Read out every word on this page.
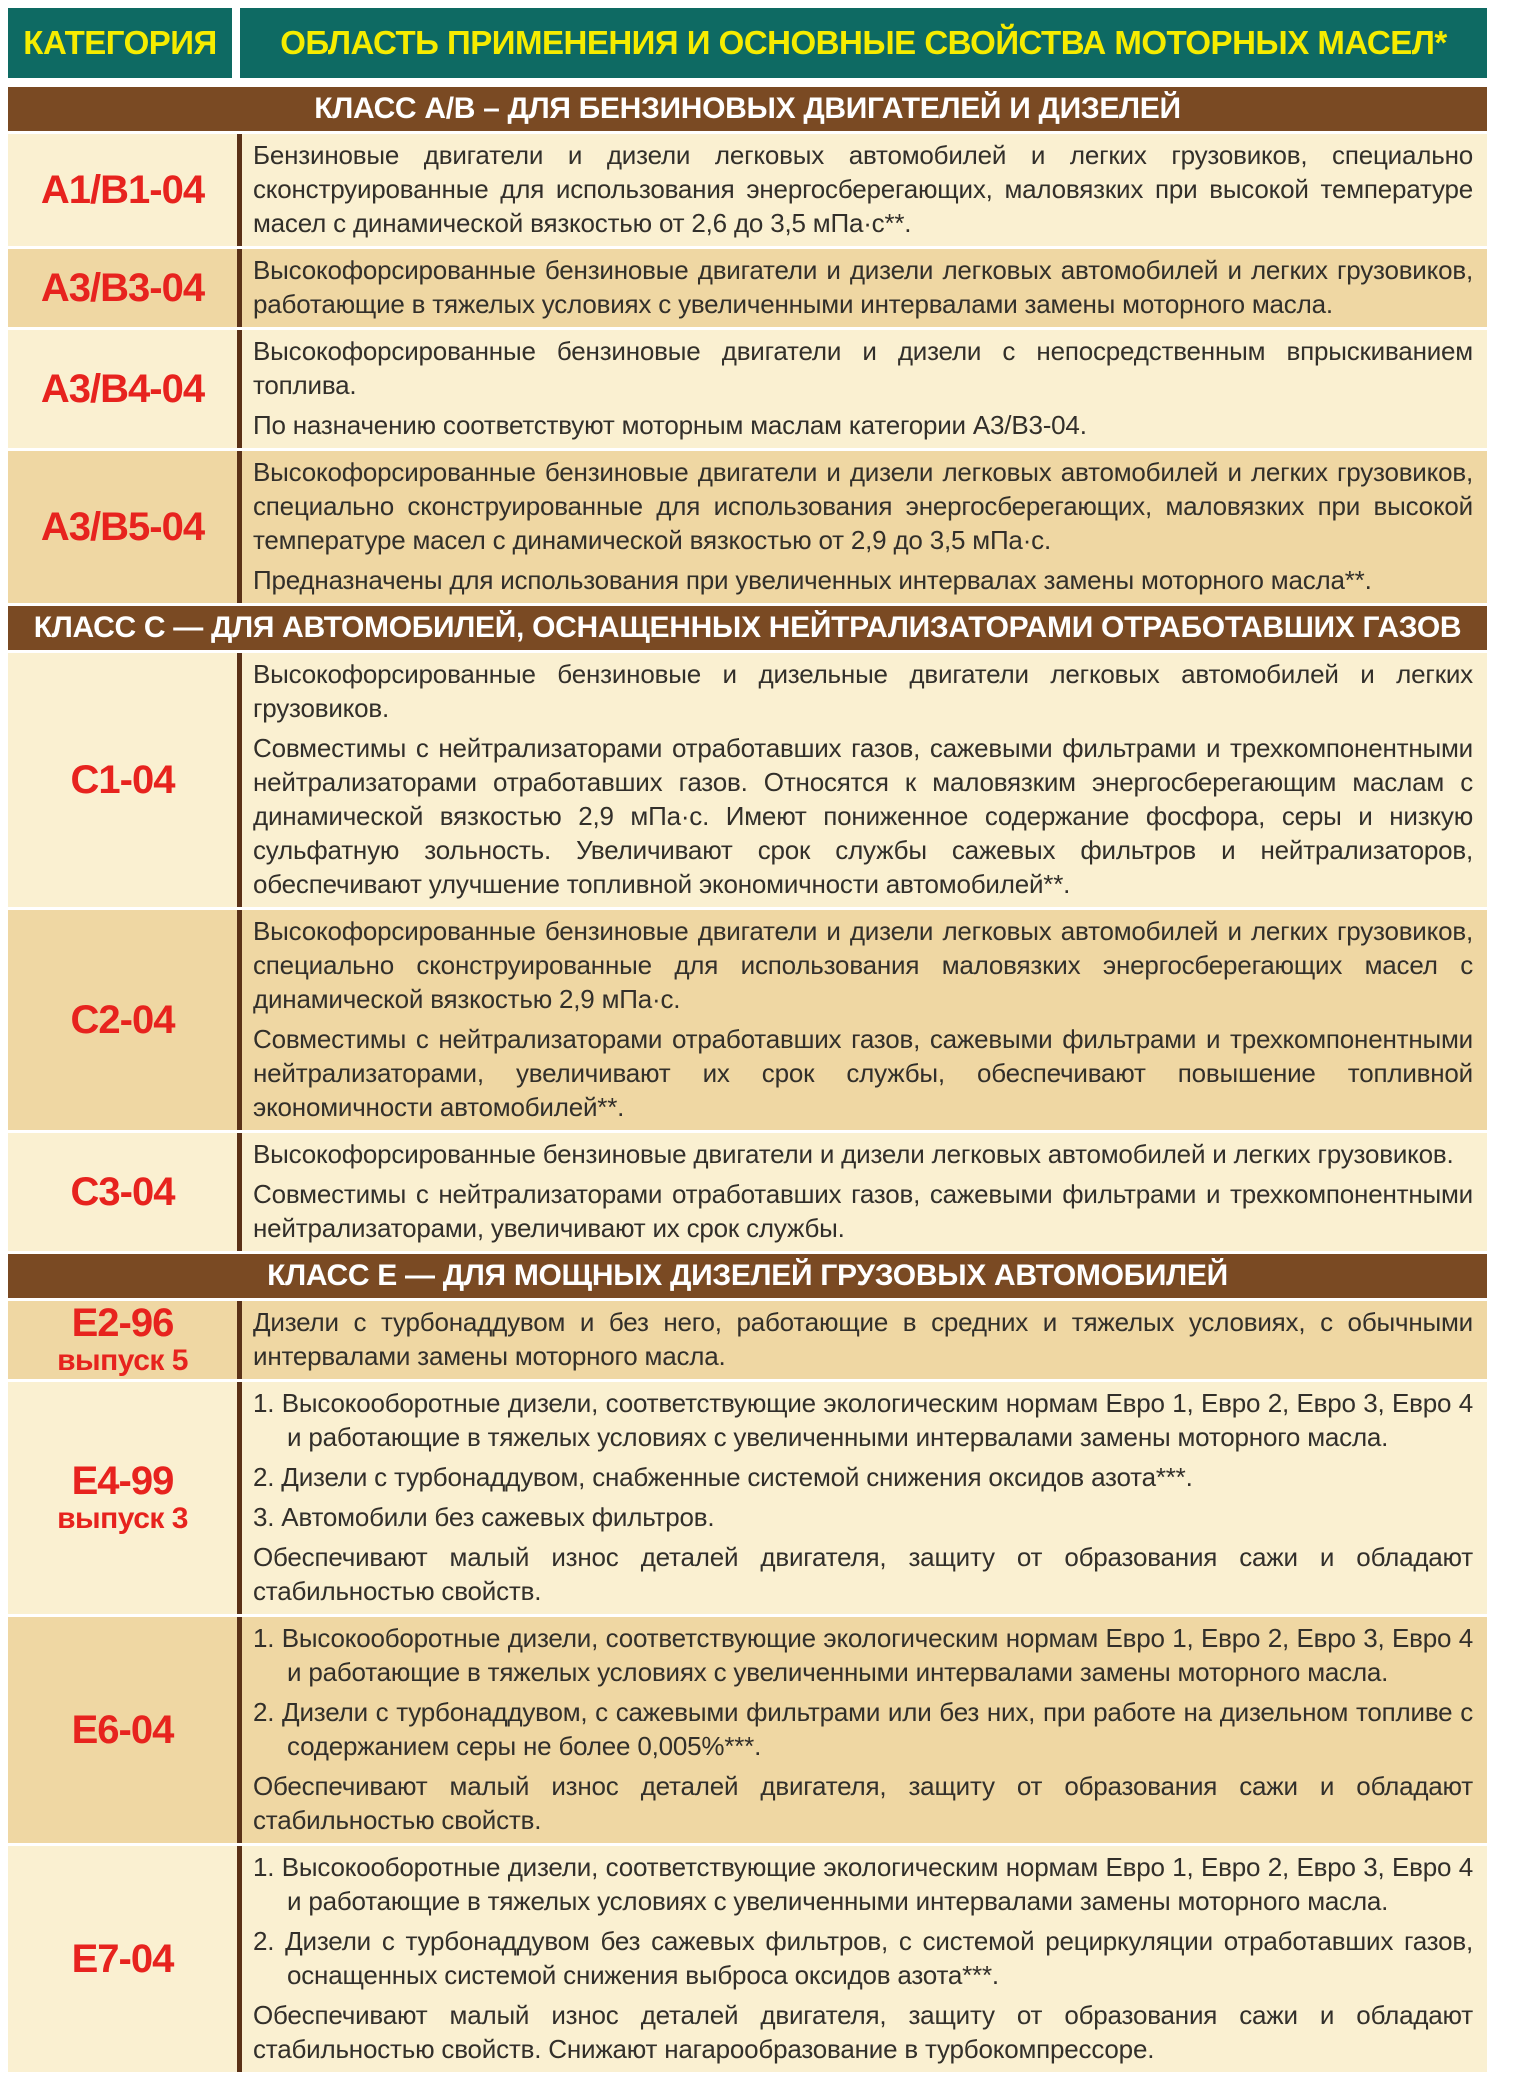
КАТЕГОРИЯ	ОБЛАСТЬ ПРИМЕНЕНИЯ И ОСНОВНЫЕ СВОЙСТВА МОТОРНЫХ МАСЕЛ*
КЛАСС А/В – ДЛЯ БЕНЗИНОВЫХ ДВИГАТЕЛЕЙ И ДИЗЕЛЕЙ
А1/В1-04

Бензиновые двигатели и дизели легковых автомобилей и легких грузовиков, специально сконструированные для использования энергосберегающих, маловязких при высокой температуре масел с динамической вязкостью от 2,6 до 3,5 мПа·с**.

А3/В3-04 Высокофорсированные бензиновые двигатели и дизели легковых автомобилей и легких грузовиков, работающие в тяжелых условиях с увеличенными интервалами замены моторного масла.

А3/В4-04

Высокофорсированные бензиновые двигатели и дизели с непосредственным впрыскиванием топлива.

По назначению соответствуют моторным маслам категории А3/В3-04.

А3/В5-04

Высокофорсированные бензиновые двигатели и дизели легковых автомобилей и легких грузовиков, специально сконструированные для использования энергосберегающих, маловязких при высокой температуре масел с динамической вязкостью от 2,9 до 3,5 мПа·с.

Предназначены для использования при увеличенных интервалах замены моторного масла**.

КЛАСС С — ДЛЯ АВТОМОБИЛЕЙ, ОСНАЩЕННЫХ НЕЙТРАЛИЗАТОРАМИ ОТРАБОТАВШИХ ГАЗОВ
С1-04

Высокофорсированные бензиновые и дизельные двигатели легковых автомобилей и легких грузовиков.

Совместимы с нейтрализаторами отработавших газов, сажевыми фильтрами и трехкомпонентными нейтрализаторами отработавших газов. Относятся к маловязким энергосберегающим маслам с динамической вязкостью 2,9 мПа·с. Имеют пониженное содержание фосфора, серы и низкую сульфатную зольность. Увеличивают срок службы сажевых фильтров и нейтрализаторов, обеспечивают улучшение топливной экономичности автомобилей**.

С2-04

Высокофорсированные бензиновые двигатели и дизели легковых автомобилей и легких грузовиков, специально сконструированные для использования маловязких энергосберегающих масел с динамической вязкостью 2,9 мПа·с.

Совместимы с нейтрализаторами отработавших газов, сажевыми фильтрами и трехкомпонентными нейтрализаторами, увеличивают их срок службы, обеспечивают повышение топливной экономичности автомобилей**.

С3-04

Высокофорсированные бензиновые двигатели и дизели легковых автомобилей и легких грузовиков.

Совместимы с нейтрализаторами отработавших газов, сажевыми фильтрами и трехкомпонентными нейтрализаторами, увеличивают их срок службы.

КЛАСС Е — ДЛЯ МОЩНЫХ ДИЗЕЛЕЙ ГРУЗОВЫХ АВТОМОБИЛЕЙ
Е2-96
выпуск 5

Дизели с турбонаддувом и без него, работающие в средних и тяжелых условиях, с обычными интервалами замены моторного масла.

Е4-99
выпуск 3

1. Высокооборотные дизели, соответствующие экологическим нормам Евро 1, Евро 2, Евро 3, Евро 4 и работающие в тяжелых условиях с увеличенными интервалами замены моторного масла.

2. Дизели с турбонаддувом, снабженные системой снижения оксидов азота***.

3. Автомобили без сажевых фильтров.

Обеспечивают малый износ деталей двигателя, защиту от образования сажи и обладают стабильностью свойств.

Е6-04

1. Высокооборотные дизели, соответствующие экологическим нормам Евро 1, Евро 2, Евро 3, Евро 4 и работающие в тяжелых условиях с увеличенными интервалами замены моторного масла.

2. Дизели с турбонаддувом, с сажевыми фильтрами или без них, при работе на дизельном топливе с содержанием серы не более 0,005%***.

Обеспечивают малый износ деталей двигателя, защиту от образования сажи и обладают стабильностью свойств.

Е7-04

1. Высокооборотные дизели, соответствующие экологическим нормам Евро 1, Евро 2, Евро 3, Евро 4 и работающие в тяжелых условиях с увеличенными интервалами замены моторного масла.

2. Дизели с турбонаддувом без сажевых фильтров, с системой рециркуляции отработавших газов, оснащенных системой снижения выброса оксидов азота***.

Обеспечивают малый износ деталей двигателя, защиту от образования сажи и обладают стабильностью свойств. Снижают нагарообразование в турбокомпрессоре.
